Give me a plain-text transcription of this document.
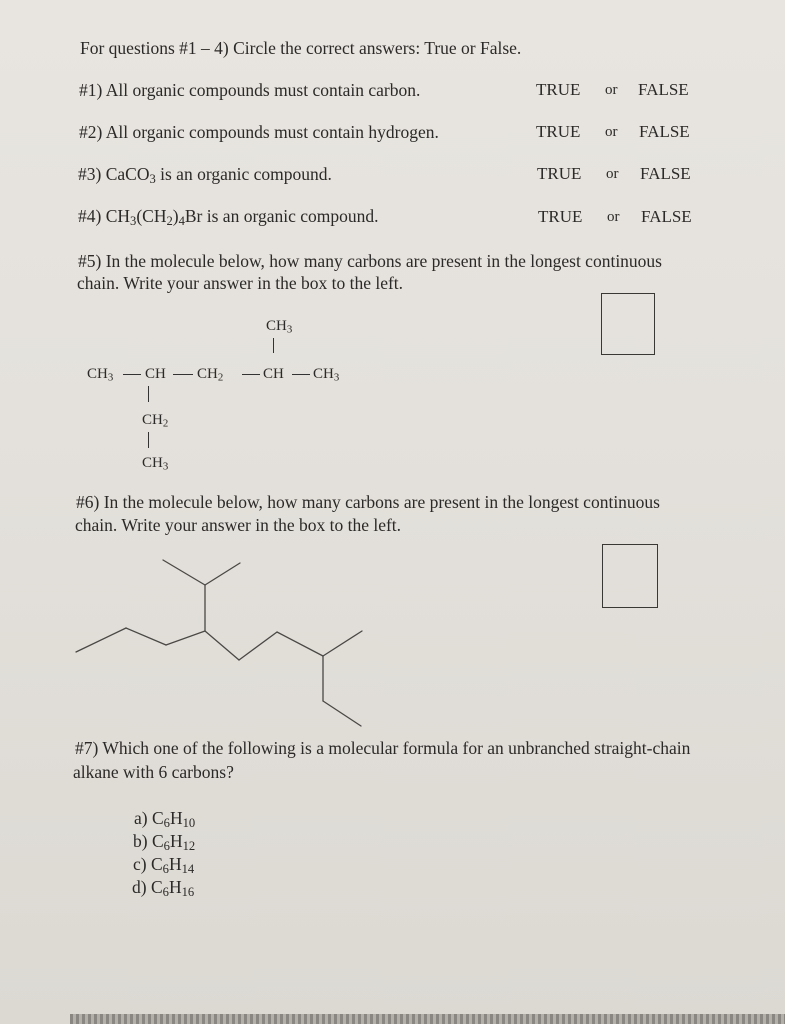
For questions #1 – 4) Circle the correct answers: True or False.
#1) All organic compounds must contain carbon.	TRUE or FALSE
#2) All organic compounds must contain hydrogen.	TRUE or FALSE
#3) CaCO$_3$ is an organic compound.	TRUE or FALSE
#4) $CH_3(CH_2)_4Br$ is an organic compound.	TRUE or FALSE
#5) In the molecule below, how many carbons are present in the longest continuous
chain. Write your answer in the box to the left.
$CH_3$
$CH_3$ CH $CH_2$	CH $CH_3$
$CH_2$
$CH_3$
#6) In the molecule below, how many carbons are present in the longest continuous
chain. Write your answer in the box to the left.
#7) Which one of the following is a molecular formula for an unbranched straight-chain
alkane with 6 carbons?
a) $C_6H_{10}$
b) $C_6H_{12}$
c) $C_6H_{14}$
d) $C_6H_{16}$
